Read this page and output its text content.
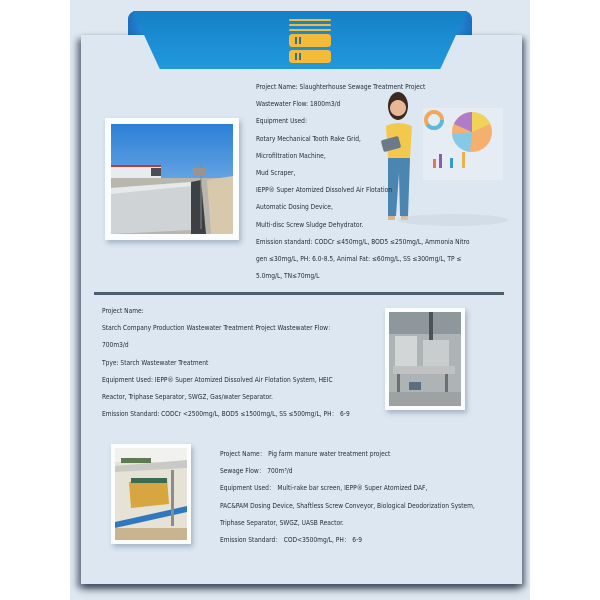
Project Name: Slaughterhouse Sewage Treatment Project
Wastewater Flow: 1800m3/d
Equipment Used:
Rotary Mechanical Tooth Rake Grid,
Microfiltration Machine,
Mud Scraper,
IEPP® Super Atomized Dissolved Air Flotation
Automatic Dosing Device,
Multi-disc Screw Sludge Dehydrator.
Emission standard: CODCr ≤450mg/L, BOD5 ≤250mg/L, Ammonia Nitro
gen ≤30mg/L, PH: 6.0-8.5, Animal Fat: ≤60mg/L, SS ≤300mg/L, TP ≤
5.0mg/L, TN≤70mg/L
Project Name:
Starch Company Production Wastewater Treatment Project Wastewater Flow：
700m3/d
Tpye: Starch Wastewater Treatment
Equipment Used: IEPP® Super Atomized Dissolved Air Flotation System, HEIC
Reactor, Triphase Separator, SWGZ, Gas/water Separator.
Emission Standard: CODCr <2500mg/L, BOD5 ≤1500mg/L, SS ≤500mg/L, PH： 6-9
Project Name： Pig farm manure water treatment project
Sewage Flow： 700m³/d
Equipment Used： Multi-rake bar screen, IEPP® Super Atomized DAF,
PAC&PAM Dosing Device, Shaftless Screw Conveyor, Biological Deodorization System,
Triphase Separator, SWGZ, UASB Reactor.
Emission Standard： COD<3500mg/L, PH： 6-9
